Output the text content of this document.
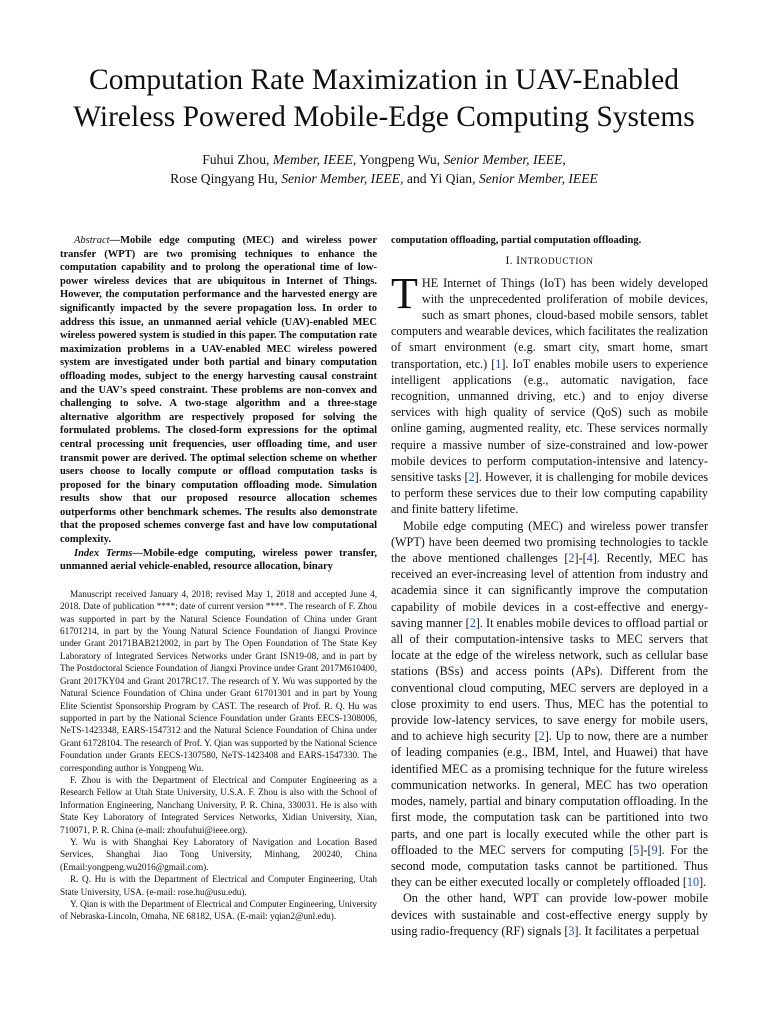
Computation Rate Maximization in UAV-Enabled
Wireless Powered Mobile-Edge Computing Systems
Fuhui Zhou, Member, IEEE, Yongpeng Wu, Senior Member, IEEE,
Rose Qingyang Hu, Senior Member, IEEE, and Yi Qian, Senior Member, IEEE

Abstract—Mobile edge computing (MEC) and wireless power transfer (WPT) are two promising techniques to enhance the computation capability and to prolong the operational time of low-power wireless devices that are ubiquitous in Internet of Things. However, the computation performance and the harvested energy are significantly impacted by the severe propagation loss. In order to address this issue, an unmanned aerial vehicle (UAV)-enabled MEC wireless powered system is studied in this paper. The computation rate maximization problems in a UAV-enabled MEC wireless powered system are investigated under both partial and binary computation offloading modes, subject to the energy harvesting causal constraint and the UAV's speed constraint. These problems are non-convex and challenging to solve. A two-stage algorithm and a three-stage alternative algorithm are respectively proposed for solving the formulated problems. The closed-form expressions for the optimal central processing unit frequencies, user offloading time, and user transmit power are derived. The optimal selection scheme on whether users choose to locally compute or offload computation tasks is proposed for the binary computation offloading mode. Simulation results show that our proposed resource allocation schemes outperforms other benchmark schemes. The results also demonstrate that the proposed schemes converge fast and have low computational complexity.

Index Terms—Mobile-edge computing, wireless power transfer, unmanned aerial vehicle-enabled, resource allocation, binary

Manuscript received January 4, 2018; revised May 1, 2018 and accepted June 4, 2018. Date of publication ****; date of current version ****. The research of F. Zhou was supported in part by the Natural Science Foundation of China under Grant 61701214, in part by the Young Natural Science Foundation of Jiangxi Province under Grant 20171BAB212002, in part by The Open Foundation of The State Key Laboratory of Integrated Services Networks under Grant ISN19-08, and in part by The Postdoctoral Science Foundation of Jiangxi Province under Grant 2017M610400, Grant 2017KY04 and Grant 2017RC17. The research of Y. Wu was supported by the Natural Science Foundation of China under Grant 61701301 and in part by Young Elite Scientist Sponsorship Program by CAST. The research of Prof. R. Q. Hu was supported in part by the National Science Foundation under Grants EECS-1308006, NeTS-1423348, EARS-1547312 and the Natural Science Foundation of China under Grant 61728104. The research of Prof. Y. Qian was supported by the National Science Foundation under Grants EECS-1307580, NeTS-1423408 and EARS-1547330. The corresponding author is Yongpeng Wu.

F. Zhou is with the Department of Electrical and Computer Engineering as a Research Fellow at Utah State University, U.S.A. F. Zhou is also with the School of Information Engineering, Nanchang University, P. R. China, 330031. He is also with State Key Laboratory of Integrated Services Networks, Xidian University, Xian, 710071, P. R. China (e-mail: zhoufuhui@ieee.org).

Y. Wu is with Shanghai Key Laboratory of Navigation and Location Based Services, Shanghai Jiao Tong University, Minhang, 200240, China (Email:yongpeng.wu2016@gmail.com).

R. Q. Hu is with the Department of Electrical and Computer Engineering, Utah State University, USA. (e-mail: rose.hu@usu.edu).

Y. Qian is with the Department of Electrical and Computer Engineering, University of Nebraska-Lincoln, Omaha, NE 68182, USA. (E-mail: yqian2@unl.edu).

computation offloading, partial computation offloading.

I. INTRODUCTION

THE Internet of Things (IoT) has been widely developed with the unprecedented proliferation of mobile devices, such as smart phones, cloud-based mobile sensors, tablet computers and wearable devices, which facilitates the realization of smart environment (e.g. smart city, smart home, smart transportation, etc.) [ 1 ] . IoT enables mobile users to experience intelligent applications (e.g., automatic navigation, face recognition, unmanned driving, etc.) and to enjoy diverse services with high quality of service (QoS) such as mobile online gaming, augmented reality, etc. These services normally require a massive number of size-constrained and low-power mobile devices to perform computation-intensive and latency-sensitive tasks [ 2 ] . However, it is challenging for mobile devices to perform these services due to their low computing capability and finite battery lifetime.

Mobile edge computing (MEC) and wireless power transfer (WPT) have been deemed two promising technologies to tackle the above mentioned challenges [ 2 ] - [ 4 ] . Recently, MEC has received an ever-increasing level of attention from industry and academia since it can significantly improve the computation capability of mobile devices in a cost-effective and energy-saving manner [ 2 ] . It enables mobile devices to offload partial or all of their computation-intensive tasks to MEC servers that locate at the edge of the wireless network, such as cellular base stations (BSs) and access points (APs). Different from the conventional cloud computing, MEC servers are deployed in a close proximity to end users. Thus, MEC has the potential to provide low-latency services, to save energy for mobile users, and to achieve high security [ 2 ] . Up to now, there are a number of leading companies (e.g., IBM, Intel, and Huawei) that have identified MEC as a promising technique for the future wireless communication networks. In general, MEC has two operation modes, namely, partial and binary computation offloading. In the first mode, the computation task can be partitioned into two parts, and one part is locally executed while the other part is offloaded to the MEC servers for computing [ 5 ] - [ 9 ] . For the second mode, computation tasks cannot be partitioned. Thus they can be either executed locally or completely offloaded [ 10 ] .

On the other hand, WPT can provide low-power mobile devices with sustainable and cost-effective energy supply by using radio-frequency (RF) signals [ 3 ] . It facilitates a perpetual
